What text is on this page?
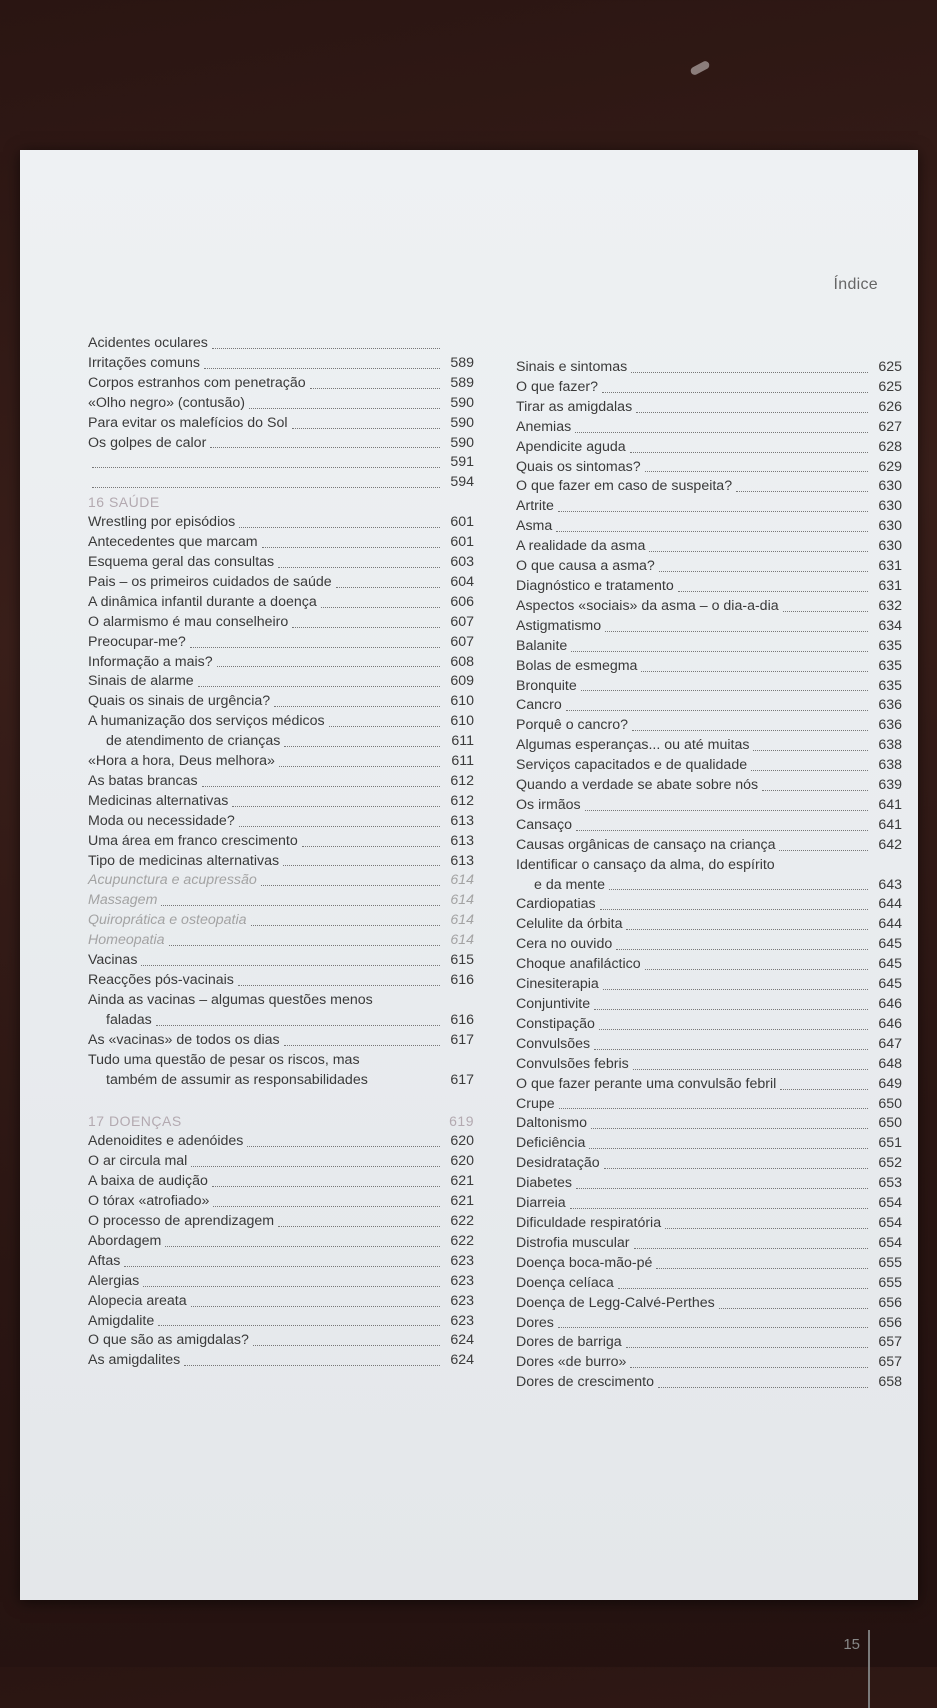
Índice
Acidentes oculares
Irritações comuns	589
Corpos estranhos com penetração	589
«Olho negro» (contusão)	590
Para evitar os malefícios do Sol	590
Os golpes de calor	590
591
594
16 SAÚDE
Wrestling por episódios	601
Antecedentes que marcam	601
Esquema geral das consultas	603
Pais – os primeiros cuidados de saúde	604
A dinâmica infantil durante a doença	606
O alarmismo é mau conselheiro	607
Preocupar-me?	607
Informação a mais?	608
Sinais de alarme	609
Quais os sinais de urgência?	610
A humanização dos serviços médicos	610
de atendimento de crianças	611
«Hora a hora, Deus melhora»	611
As batas brancas	612
Medicinas alternativas	612
Moda ou necessidade?	613
Uma área em franco crescimento	613
Tipo de medicinas alternativas	613
Acupunctura e acupressão	614
Massagem	614
Quiroprática e osteopatia	614
Homeopatia	614
Vacinas	615
Reacções pós-vacinais	616
Ainda as vacinas – algumas questões menos
faladas	616
As «vacinas» de todos os dias	617
Tudo uma questão de pesar os riscos, mas
também de assumir as responsabilidades	617
17 DOENÇAS	619
Adenoidites e adenóides	620
O ar circula mal	620
A baixa de audição	621
O tórax «atrofiado»	621
O processo de aprendizagem	622
Abordagem	622
Aftas	623
Alergias	623
Alopecia areata	623
Amigdalite	623
O que são as amigdalas?	624
As amigdalites	624
Sinais e sintomas	625
O que fazer?	625
Tirar as amigdalas	626
Anemias	627
Apendicite aguda	628
Quais os sintomas?	629
O que fazer em caso de suspeita?	630
Artrite	630
Asma	630
A realidade da asma	630
O que causa a asma?	631
Diagnóstico e tratamento	631
Aspectos «sociais» da asma – o dia-a-dia	632
Astigmatismo	634
Balanite	635
Bolas de esmegma	635
Bronquite	635
Cancro	636
Porquê o cancro?	636
Algumas esperanças... ou até muitas	638
Serviços capacitados e de qualidade	638
Quando a verdade se abate sobre nós	639
Os irmãos	641
Cansaço	641
Causas orgânicas de cansaço na criança	642
Identificar o cansaço da alma, do espírito
e da mente	643
Cardiopatias	644
Celulite da órbita	644
Cera no ouvido	645
Choque anafiláctico	645
Cinesiterapia	645
Conjuntivite	646
Constipação	646
Convulsões	647
Convulsões febris	648
O que fazer perante uma convulsão febril	649
Crupe	650
Daltonismo	650
Deficiência	651
Desidratação	652
Diabetes	653
Diarreia	654
Dificuldade respiratória	654
Distrofia muscular	654
Doença boca-mão-pé	655
Doença celíaca	655
Doença de Legg-Calvé-Perthes	656
Dores	656
Dores de barriga	657
Dores «de burro»	657
Dores de crescimento	658
15
